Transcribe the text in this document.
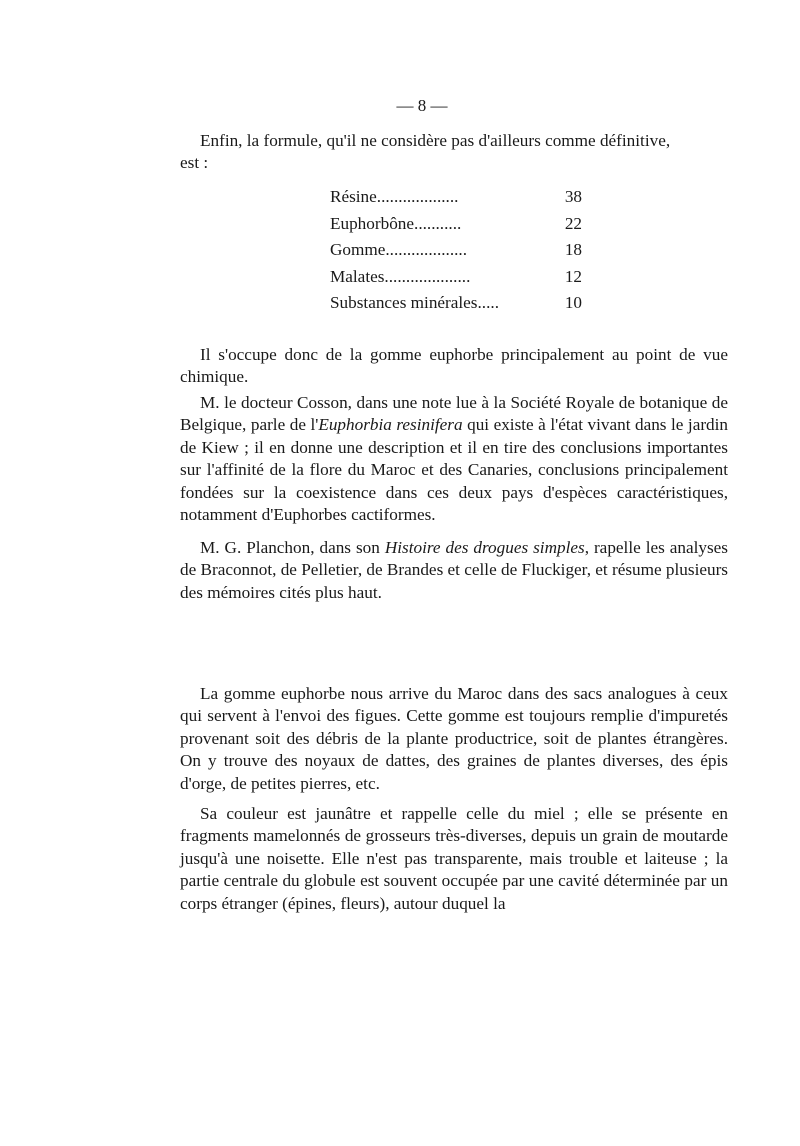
— 8 —

Enfin, la formule, qu'il ne considère pas d'ailleurs comme définitive,
est :

Résine...................	38
Euphorbône...........	22
Gomme...................	18
Malates....................	12
Substances minérales.....	10

Il s'occupe donc de la gomme euphorbe principalement au point de vue chimique.

M. le docteur Cosson, dans une note lue à la Société Royale de botanique de Belgique, parle de l'Euphorbia resinifera qui existe à l'état vivant dans le jardin de Kiew ; il en donne une description et il en tire des conclusions importantes sur l'affinité de la flore du Maroc et des Canaries, conclusions principalement fondées sur la coexistence dans ces deux pays d'espèces caractéristiques, notamment d'Euphorbes cactiformes.

M. G. Planchon, dans son Histoire des drogues simples, rapelle les analyses de Braconnot, de Pelletier, de Brandes et celle de Fluckiger, et résume plusieurs des mémoires cités plus haut.

La gomme euphorbe nous arrive du Maroc dans des sacs analogues à ceux qui servent à l'envoi des figues. Cette gomme est toujours remplie d'impuretés provenant soit des débris de la plante productrice, soit de plantes étrangères. On y trouve des noyaux de dattes, des graines de plantes diverses, des épis d'orge, de petites pierres, etc.

Sa couleur est jaunâtre et rappelle celle du miel ; elle se présente en fragments mamelonnés de grosseurs très-diverses, depuis un grain de moutarde jusqu'à une noisette. Elle n'est pas transparente, mais trouble et laiteuse ; la partie centrale du globule est souvent occupée par une cavité déterminée par un corps étranger (épines, fleurs), autour duquel la
